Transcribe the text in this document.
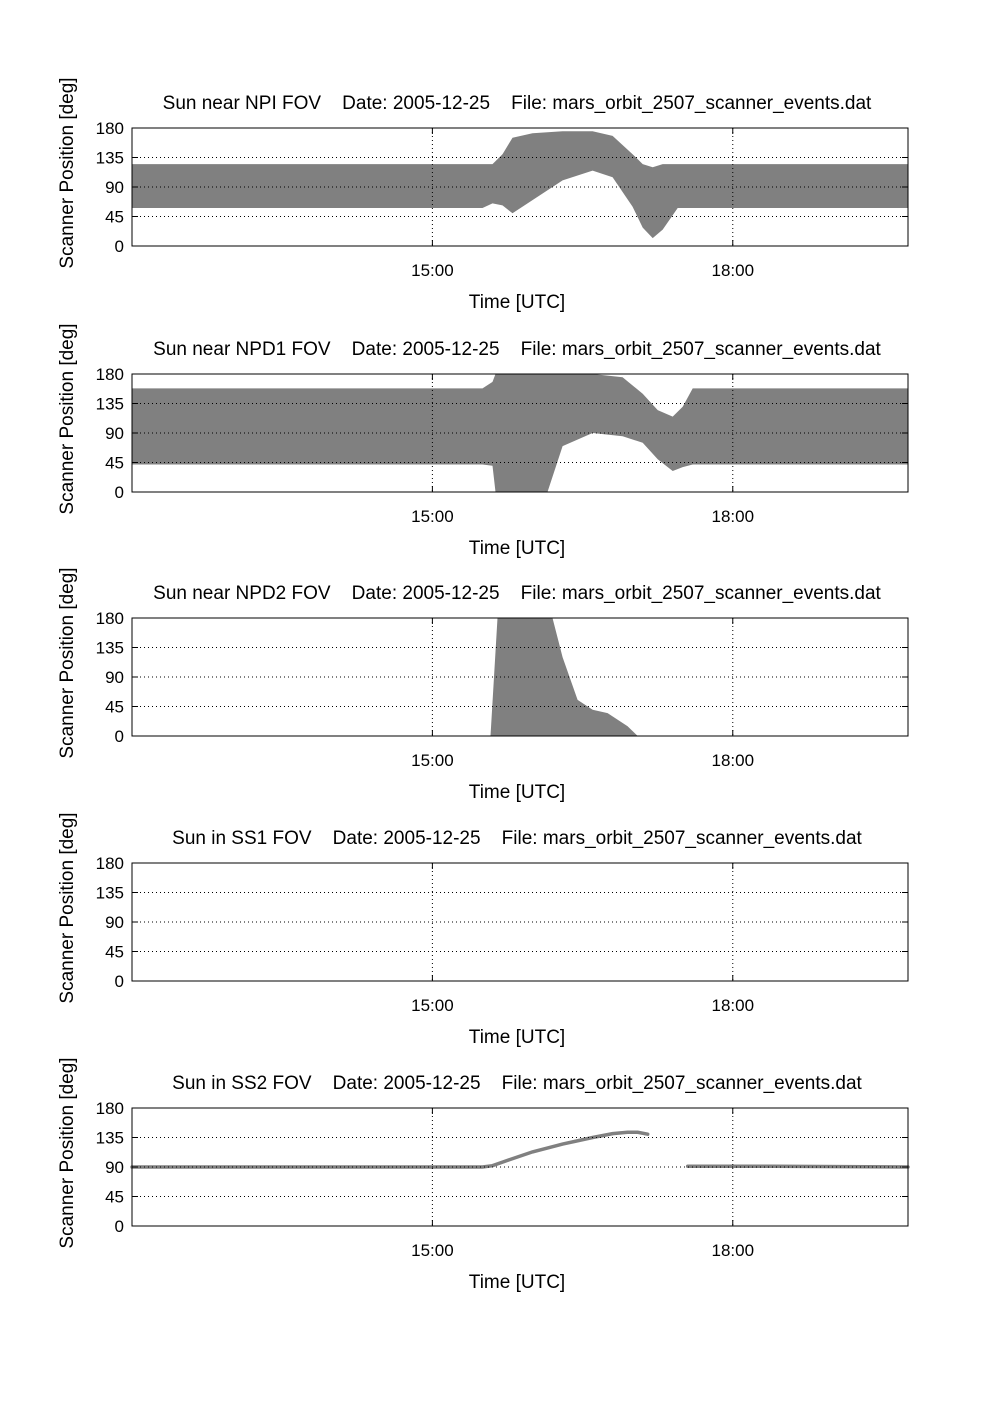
15:00	18:00
0
45
90
135
180
Sun near NPI FOV    Date: 2005-12-25    File: mars_orbit_2507_scanner_events.dat
Time [UTC]
Scanner Position [deg]
15:00	18:00
0
45
90
135
180
Sun near NPD1 FOV    Date: 2005-12-25    File: mars_orbit_2507_scanner_events.dat
Time [UTC]
Scanner Position [deg]
15:00	18:00
0
45
90
135
180
Sun near NPD2 FOV    Date: 2005-12-25    File: mars_orbit_2507_scanner_events.dat
Time [UTC]
Scanner Position [deg]
15:00	18:00
0
45
90
135
180
Sun in SS1 FOV    Date: 2005-12-25    File: mars_orbit_2507_scanner_events.dat
Time [UTC]
Scanner Position [deg]
15:00	18:00
0
45
90
135
180
Sun in SS2 FOV    Date: 2005-12-25    File: mars_orbit_2507_scanner_events.dat
Time [UTC]
Scanner Position [deg]
